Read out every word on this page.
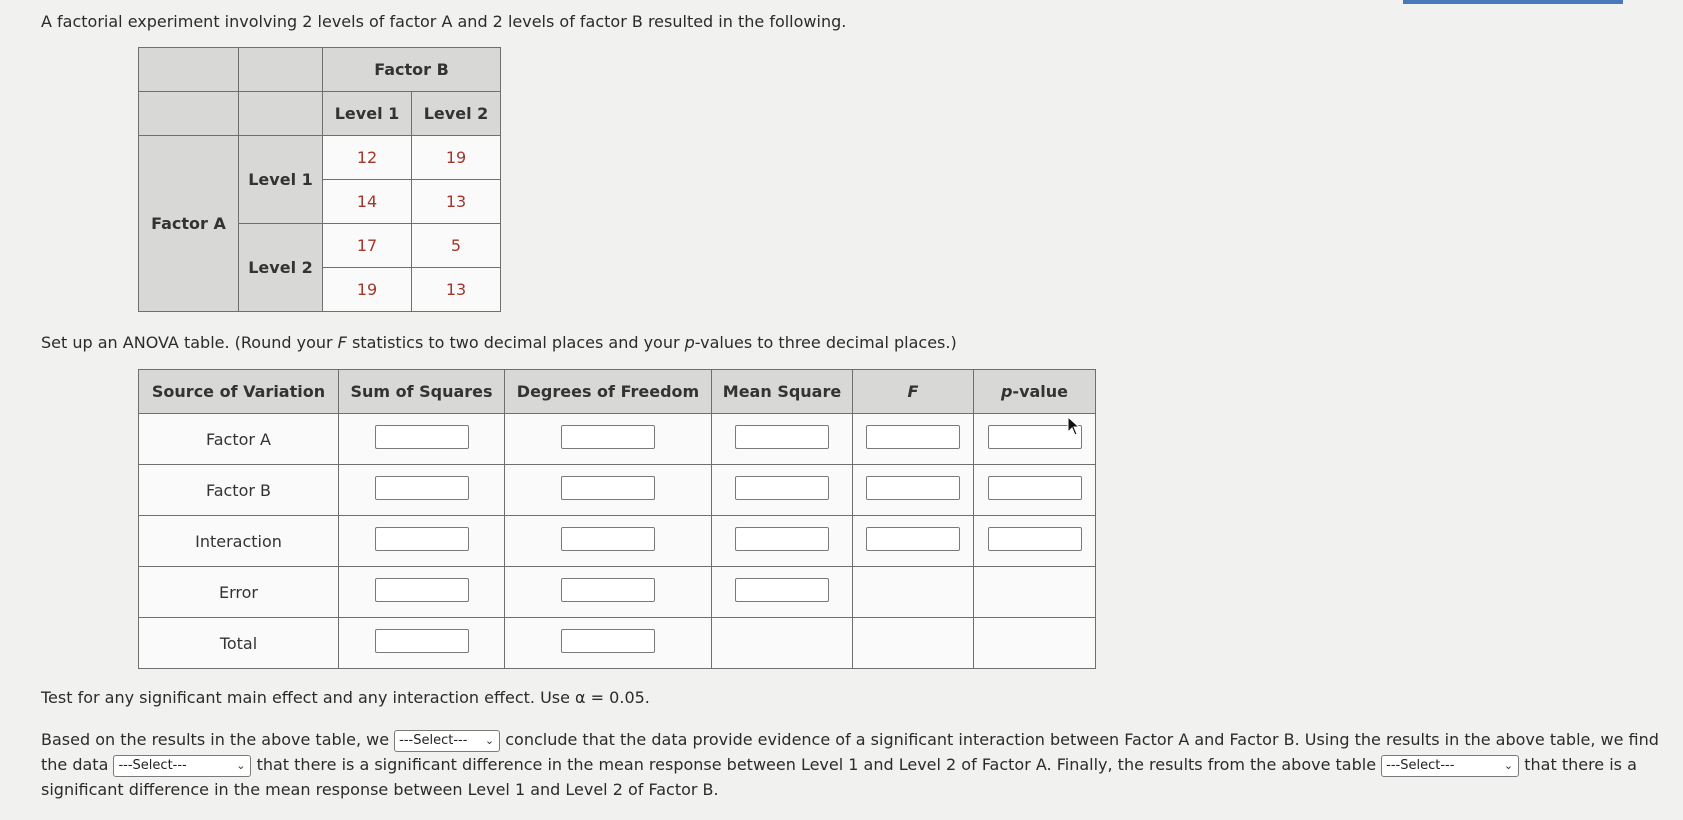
A factorial experiment involving 2 levels of factor A and 2 levels of factor B resulted in the following.
		Factor B	
		Level 1	Level 2
Factor A	Level 1	12	19
		14	13
	Level 2	17	5
		19	13
Set up an ANOVA table. (Round your F statistics to two decimal places and your p-values to three decimal places.)
Source of Variation	Sum of Squares	Degrees of Freedom	Mean Square	F	p-value
Factor A					
Factor B					
Interaction					
Error					
Total					
Test for any significant main effect and any interaction effect. Use α = 0.05.
Based on the results in the above table, we ---Select--- ⌄ conclude that the data provide evidence of a significant interaction between Factor A and Factor B. Using the results in the above table, we find the data ---Select---	⌄ that there is a significant difference in the mean response between Level 1 and Level 2 of Factor A. Finally, the results from the above table ---Select---	⌄ that there is a significant difference in the mean response between Level 1 and Level 2 of Factor B.
